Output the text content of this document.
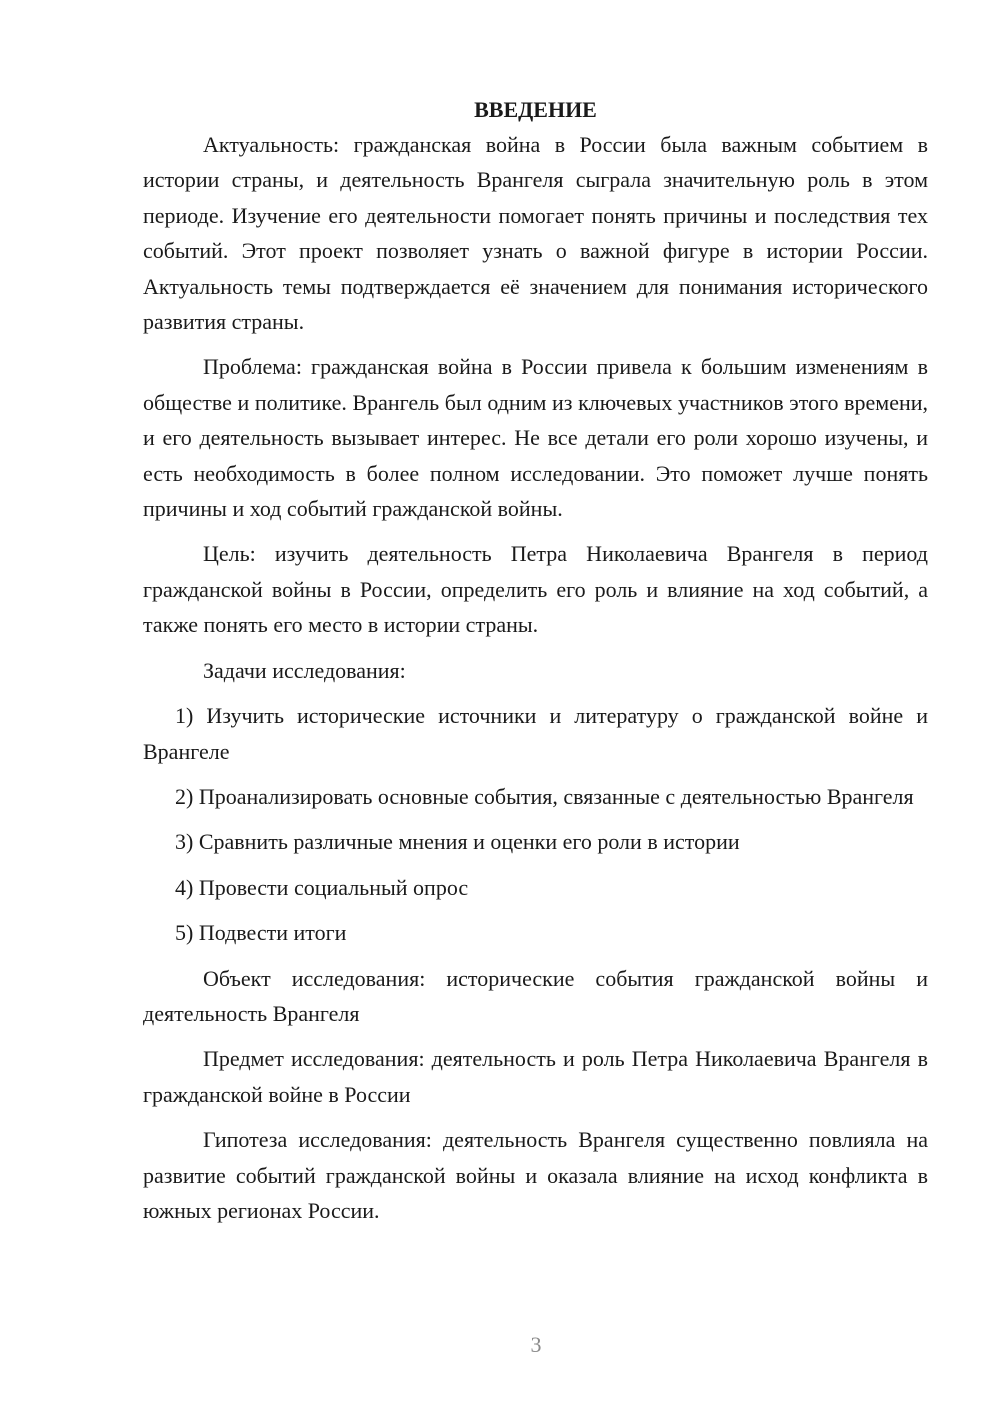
ВВЕДЕНИЕ

Актуальность: гражданская война в России была важным событием в истории страны, и деятельность Врангеля сыграла значительную роль в этом периоде. Изучение его деятельности помогает понять причины и последствия тех событий. Этот проект позволяет узнать о важной фигуре в истории России. Актуальность темы подтверждается её значением для понимания исторического развития страны.

Проблема: гражданская война в России привела к большим изменениям в обществе и политике. Врангель был одним из ключевых участников этого времени, и его деятельность вызывает интерес. Не все детали его роли хорошо изучены, и есть необходимость в более полном исследовании. Это поможет лучше понять причины и ход событий гражданской войны.

Цель: изучить деятельность Петра Николаевича Врангеля в период гражданской войны в России, определить его роль и влияние на ход событий, а также понять его место в истории страны.

Задачи исследования:

1) Изучить исторические источники и литературу о гражданской войне и Врангеле

2) Проанализировать основные события, связанные с деятельностью Врангеля

3) Сравнить различные мнения и оценки его роли в истории

4) Провести социальный опрос

5) Подвести итоги

Объект исследования: исторические события гражданской войны и деятельность Врангеля

Предмет исследования: деятельность и роль Петра Николаевича Врангеля в гражданской войне в России

Гипотеза исследования: деятельность Врангеля существенно повлияла на развитие событий гражданской войны и оказала влияние на исход конфликта в южных регионах России.

3
